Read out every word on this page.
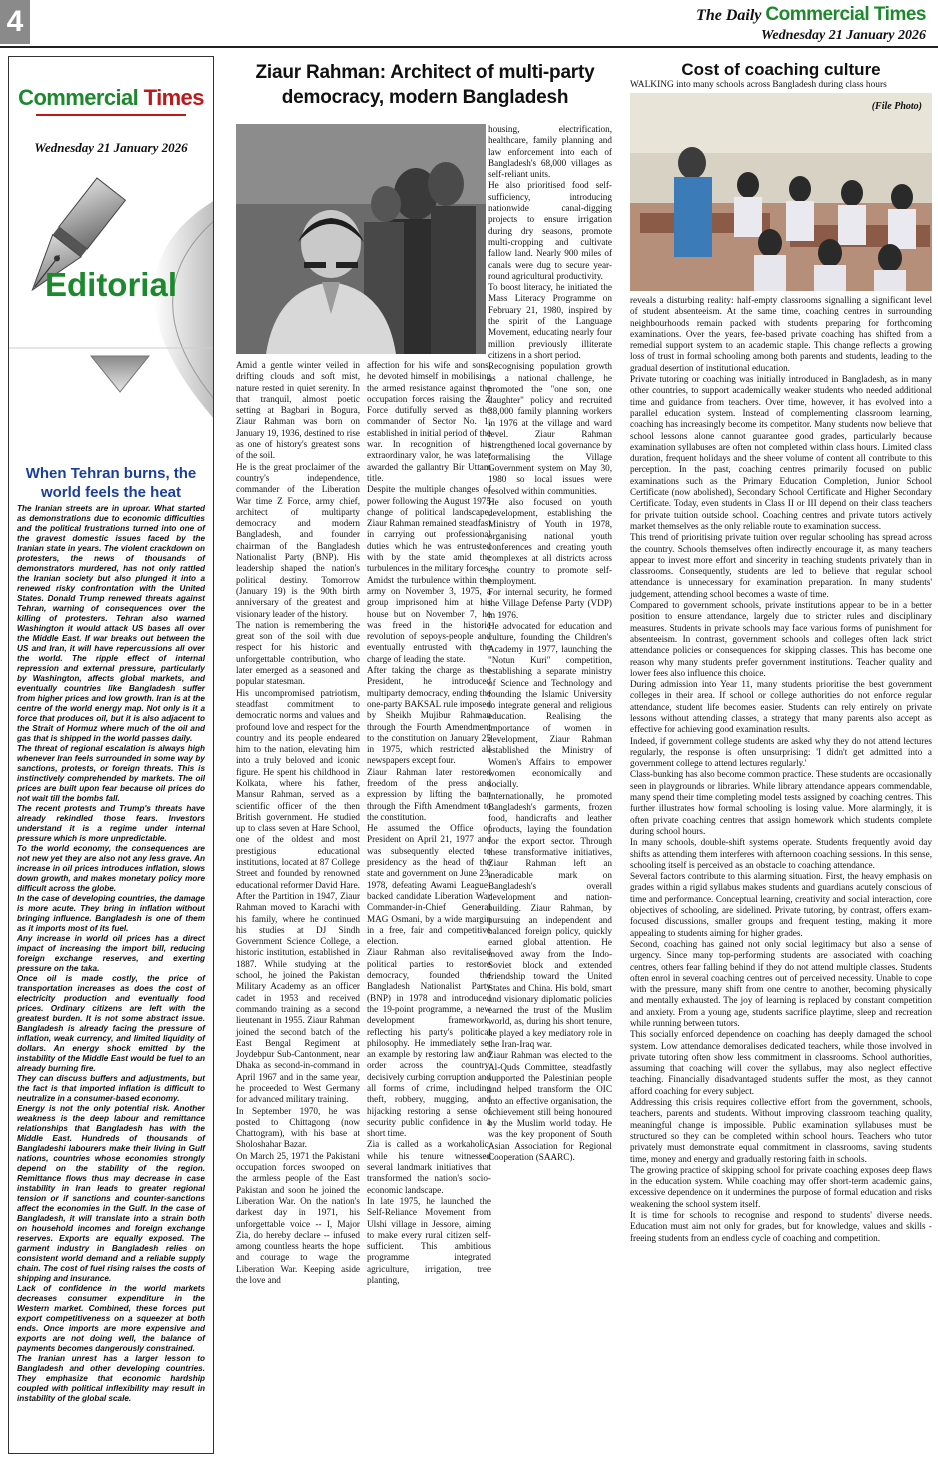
4	The Daily Commercial Times
Wednesday 21 January 2026
Commercial Times
Wednesday 21 January 2026
Editorial
When Tehran burns, the world feels the heat

The Iranian streets are in uproar. What started as demonstrations due to economic difficulties and the political frustrations turned into one of the gravest domestic issues faced by the Iranian state in years. The violent crackdown on protesters, the news of thousands of demonstrators murdered, has not only rattled the Iranian society but also plunged it into a renewed risky confrontation with the United States. Donald Trump renewed threats against Tehran, warning of consequences over the killing of protesters. Tehran also warned Washington it would attack US bases all over the Middle East. If war breaks out between the US and Iran, it will have repercussions all over the world. The ripple effect of internal repression and external pressure, particularly by Washington, affects global markets, and eventually countries like Bangladesh suffer from higher prices and low growth. Iran is at the centre of the world energy map. Not only is it a force that produces oil, but it is also adjacent to the Strait of Hormuz where much of the oil and gas that is shipped in the world passes daily.

The threat of regional escalation is always high whenever Iran feels surrounded in some way by sanctions, protests, or foreign threats. This is instinctively comprehended by markets. The oil prices are built upon fear because oil prices do not wait till the bombs fall.

The recent protests and Trump's threats have already rekindled those fears. Investors understand it is a regime under internal pressure which is more unpredictable.

To the world economy, the consequences are not new yet they are also not any less grave. An increase in oil prices introduces inflation, slows down growth, and makes monetary policy more difficult across the globe.

In the case of developing countries, the damage is more acute. They bring in inflation without bringing influence. Bangladesh is one of them as it imports most of its fuel.

Any increase in world oil prices has a direct impact of increasing the import bill, reducing foreign exchange reserves, and exerting pressure on the taka.

Once oil is made costly, the price of transportation increases as does the cost of electricity production and eventually food prices. Ordinary citizens are left with the greatest burden. It is not some abstract issue. Bangladesh is already facing the pressure of inflation, weak currency, and limited liquidity of dollars. An energy shock emitted by the instability of the Middle East would be fuel to an already burning fire.

They can discuss buffers and adjustments, but the fact is that imported inflation is difficult to neutralize in a consumer-based economy.

Energy is not the only potential risk. Another weakness is the deep labour and remittance relationships that Bangladesh has with the Middle East. Hundreds of thousands of Bangladeshi labourers make their living in Gulf nations, countries whose economies strongly depend on the stability of the region. Remittance flows thus may decrease in case instability in Iran leads to greater regional tension or if sanctions and counter-sanctions affect the economies in the Gulf. In the case of Bangladesh, it will translate into a strain both on household incomes and foreign exchange reserves. Exports are equally exposed. The garment industry in Bangladesh relies on consistent world demand and a reliable supply chain. The cost of fuel rising raises the costs of shipping and insurance.

Lack of confidence in the world markets decreases consumer expenditure in the Western market. Combined, these forces put export competitiveness on a squeezer at both ends. Once imports are more expensive and exports are not doing well, the balance of payments becomes dangerously constrained.

The Iranian unrest has a larger lesson to Bangladesh and other developing countries. They emphasize that economic hardship coupled with political inflexibility may result in instability of the global scale.

Ziaur Rahman: Architect of multi-party democracy, modern Bangladesh

housing, electrification, healthcare, family planning and law enforcement into each of Bangladesh's 68,000 villages as self-reliant units.

He also prioritised food self-sufficiency, introducing nationwide canal-digging projects to ensure irrigation during dry seasons, promote multi-cropping and cultivate fallow land. Nearly 900 miles of canals were dug to secure year-round agricultural productivity.

To boost literacy, he initiated the Mass Literacy Programme on February 21, 1980, inspired by the spirit of the Language Movement, educating nearly four million previously illiterate citizens in a short period.

Recognising population growth as a national challenge, he promoted the "one son, one daughter" policy and recruited 38,000 family planning workers in 1976 at the village and ward level. Ziaur Rahman strengthened local governance by formalising the Village Government system on May 30, 1980 so local issues were resolved within communities.

He also focused on youth development, establishing the Ministry of Youth in 1978, organising national youth conferences and creating youth complexes at all districts across the country to promote self-employment.

For internal security, he formed the Village Defense Party (VDP) in 1976.

He advocated for education and culture, founding the Children's Academy in 1977, launching the "Notun Kuri" competition, establishing a separate ministry of Science and Technology and founding the Islamic University to integrate general and religious education. Realising the importance of women in development, Ziaur Rahman established the Ministry of Women's Affairs to empower women economically and socially.

Internationally, he promoted Bangladesh's garments, frozen food, handicrafts and leather products, laying the foundation for the export sector. Through these transformative initiatives, Ziaur Rahman left an ineradicable mark on Bangladesh's overall development and nation-building. Ziaur Rahman, by pursuing an independent and balanced foreign policy, quickly earned global attention. He moved away from the Indo-Soviet block and extended friendship toward the United States and China. His bold, smart and visionary diplomatic policies earned the trust of the Muslim world, as, during his short tenure, he played a key mediatory role in the Iran-Iraq war.

Ziaur Rahman was elected to the Al-Quds Committee, steadfastly supported the Palestinian people and helped transform the OIC into an effective organisation, the achievement still being honoured by the Muslim world today. He was the key proponent of South Asian Association for Regional Cooperation (SAARC).

Amid a gentle winter veiled in drifting clouds and soft mist, nature rested in quiet serenity. In that tranquil, almost poetic setting at Bagbari in Bogura, Ziaur Rahman was born on January 19, 1936, destined to rise as one of history's greatest sons of the soil.

He is the great proclaimer of the country's independence, commander of the Liberation War time Z Force, army chief, architect of multiparty democracy and modern Bangladesh, and founder chairman of the Bangladesh Nationalist Party (BNP). His leadership shaped the nation's political destiny. Tomorrow (January 19) is the 90th birth anniversary of the greatest and visionary leader of the history.

The nation is remembering the great son of the soil with due respect for his historic and unforgettable contribution, who later emerged as a seasoned and popular statesman.

His uncompromised patriotism, steadfast commitment to democratic norms and values and profound love and respect for the country and its people endeared him to the nation, elevating him into a truly beloved and iconic figure. He spent his childhood in Kolkata, where his father, Mansur Rahman, served as a scientific officer of the then British government. He studied up to class seven at Hare School, one of the oldest and most prestigious educational institutions, located at 87 College Street and founded by renowned educational reformer David Hare.

After the Partition in 1947, Ziaur Rahman moved to Karachi with his family, where he continued his studies at DJ Sindh Government Science College, a historic institution, established in 1887. While studying at the school, he joined the Pakistan Military Academy as an officer cadet in 1953 and received commando training as a second lieutenant in 1955. Ziaur Rahman joined the second batch of the East Bengal Regiment at Joydebpur Sub-Cantonment, near Dhaka as second-in-command in April 1967 and in the same year, he proceeded to West Germany for advanced military training.

In September 1970, he was posted to Chittagong (now Chattogram), with his base at Sholoshahar Bazar.

On March 25, 1971 the Pakistani occupation forces swooped on the armless people of the East Pakistan and soon he joined the Liberation War. On the nation's darkest day in 1971, his unforgettable voice -- I, Major Zia, do hereby declare -- infused among countless hearts the hope and courage to wage the Liberation War. Keeping aside the love and

affection for his wife and sons, he devoted himself in mobilising the armed resistance against the occupation forces raising the Z Force dutifully served as the commander of Sector No. 1, established in initial period of the war. In recognition of his extraordinary valor, he was later awarded the gallantry Bir Uttam title.

Despite the multiple changes of power following the August 1975 change of political landscape, Ziaur Rahman remained steadfast in carrying out professional duties which he was entrusted with by the state amid the turbulences in the military forces.

Amidst the turbulence within the army on November 3, 1975, a group imprisoned him at his house but on November 7, he was freed in the historic revolution of sepoys-people and eventually entrusted with the charge of leading the state.

After taking the charge as the President, he introduced multiparty democracy, ending the one-party BAKSAL rule imposed by Sheikh Mujibur Rahman through the Fourth Amendment to the constitution on January 25 in 1975, which restricted all newspapers except four.

Ziaur Rahman later restored freedom of the press and expression by lifting the ban through the Fifth Amendment to the constitution.

He assumed the Office of President on April 21, 1977 and was subsequently elected to presidency as the head of the state and government on June 23, 1978, defeating Awami League-backed candidate Liberation War Commander-in-Chief General MAG Osmani, by a wide margin in a free, fair and competitive election.

Ziaur Rahman also revitalised political parties to restore democracy, founded the Bangladesh Nationalist Party (BNP) in 1978 and introduced the 19-point programme, a new development framework, reflecting his party's political philosophy. He immediately set an example by restoring law and order across the country, decisively curbing corruption and all forms of crime, including theft, robbery, mugging, and hijacking restoring a sense of security public confidence in a short time.

Zia is called as a workaholic, while his tenure witnessed several landmark initiatives that transformed the nation's socio-economic landscape.

In late 1975, he launched the Self-Reliance Movement from Ulshi village in Jessore, aiming to make every rural citizen self-sufficient. This ambitious programme integrated agriculture, irrigation, tree planting,

Cost of coaching culture
WALKING into many schools across Bangladesh during class hours
(File Photo)

reveals a disturbing reality: half-empty classrooms signalling a significant level of student absenteeism. At the same time, coaching centres in surrounding neighbourhoods remain packed with students preparing for forthcoming examinations. Over the years, fee-based private coaching has shifted from a remedial support system to an academic staple. This change reflects a growing loss of trust in formal schooling among both parents and students, leading to the gradual desertion of institutional education.

Private tutoring or coaching was initially introduced in Bangladesh, as in many other countries, to support academically weaker students who needed additional time and guidance from teachers. Over time, however, it has evolved into a parallel education system. Instead of complementing classroom learning, coaching has increasingly become its competitor. Many students now believe that school lessons alone cannot guarantee good grades, particularly because examination syllabuses are often not completed within class hours. Limited class duration, frequent holidays and the sheer volume of content all contribute to this perception. In the past, coaching centres primarily focused on public examinations such as the Primary Education Completion, Junior School Certificate (now abolished), Secondary School Certificate and Higher Secondary Certificate. Today, even students in Class II or III depend on their class teachers for private tuition outside school. Coaching centres and private tutors actively market themselves as the only reliable route to examination success.

This trend of prioritising private tuition over regular schooling has spread across the country. Schools themselves often indirectly encourage it, as many teachers appear to invest more effort and sincerity in teaching students privately than in classrooms. Consequently, students are led to believe that regular school attendance is unnecessary for examination preparation. In many students' judgement, attending school becomes a waste of time.

Compared to government schools, private institutions appear to be in a better position to ensure attendance, largely due to stricter rules and disciplinary measures. Students in private schools may face various forms of punishment for absenteeism. In contrast, government schools and colleges often lack strict attendance policies or consequences for skipping classes. This has become one reason why many students prefer government institutions. Teacher quality and lower fees also influence this choice.

During admission into Year 11, many students prioritise the best government colleges in their area. If school or college authorities do not enforce regular attendance, student life becomes easier. Students can rely entirely on private lessons without attending classes, a strategy that many parents also accept as effective for achieving good examination results.

Indeed, if government college students are asked why they do not attend lectures regularly, the response is often unsurprising: 'I didn't get admitted into a government college to attend lectures regularly.'

Class-bunking has also become common practice. These students are occasionally seen in playgrounds or libraries. While library attendance appears commendable, many spend their time completing model tests assigned by coaching centres. This further illustrates how formal schooling is losing value. More alarmingly, it is often private coaching centres that assign homework which students complete during school hours.

In many schools, double-shift systems operate. Students frequently avoid day shifts as attending them interferes with afternoon coaching sessions. In this sense, schooling itself is perceived as an obstacle to coaching attendance.

Several factors contribute to this alarming situation. First, the heavy emphasis on grades within a rigid syllabus makes students and guardians acutely conscious of time and performance. Conceptual learning, creativity and social interaction, core objectives of schooling, are sidelined. Private tutoring, by contrast, offers exam-focused discussions, smaller groups and frequent testing, making it more appealing to students aiming for higher grades.

Second, coaching has gained not only social legitimacy but also a sense of urgency. Since many top-performing students are associated with coaching centres, others fear falling behind if they do not attend multiple classes. Students often enrol in several coaching centres out of perceived necessity. Unable to cope with the pressure, many shift from one centre to another, becoming physically and mentally exhausted. The joy of learning is replaced by constant competition and anxiety. From a young age, students sacrifice playtime, sleep and recreation while running between tutors.

This socially enforced dependence on coaching has deeply damaged the school system. Low attendance demoralises dedicated teachers, while those involved in private tutoring often show less commitment in classrooms. School authorities, assuming that coaching will cover the syllabus, may also neglect effective teaching. Financially disadvantaged students suffer the most, as they cannot afford coaching for every subject.

Addressing this crisis requires collective effort from the government, schools, teachers, parents and students. Without improving classroom teaching quality, meaningful change is impossible. Public examination syllabuses must be structured so they can be completed within school hours. Teachers who tutor privately must demonstrate equal commitment in classrooms, saving students time, money and energy and gradually restoring faith in schools.

The growing practice of skipping school for private coaching exposes deep flaws in the education system. While coaching may offer short-term academic gains, excessive dependence on it undermines the purpose of formal education and risks weakening the school system itself.

It is time for schools to recognise and respond to students' diverse needs. Education must aim not only for grades, but for knowledge, values and skills - freeing students from an endless cycle of coaching and competition.
